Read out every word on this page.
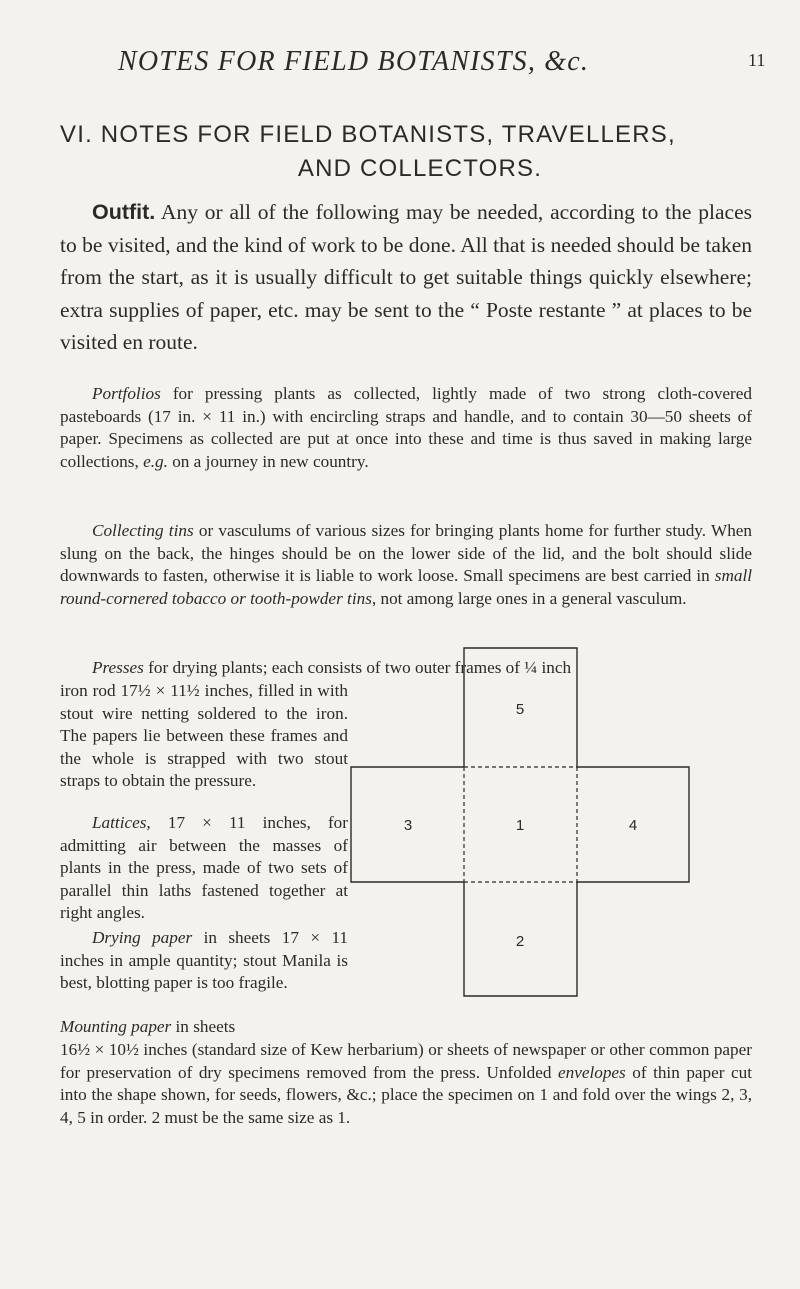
NOTES FOR FIELD BOTANISTS, &c.	11
VI. NOTES FOR FIELD BOTANISTS, TRAVELLERS,
AND COLLECTORS.

Outfit. Any or all of the following may be needed, according to the places to be visited, and the kind of work to be done. All that is needed should be taken from the start, as it is usually difficult to get suitable things quickly elsewhere; extra supplies of paper, etc. may be sent to the “ Poste restante ” at places to be visited en route.

Portfolios for pressing plants as collected, lightly made of two strong cloth-covered pasteboards (17 in. × 11 in.) with encircling straps and handle, and to contain 30—50 sheets of paper. Specimens as collected are put at once into these and time is thus saved in making large collections, e.g. on a journey in new country.

Collecting tins or vasculums of various sizes for bringing plants home for further study. When slung on the back, the hinges should be on the lower side of the lid, and the bolt should slide downwards to fasten, otherwise it is liable to work loose. Small specimens are best carried in small round-cornered tobacco or tooth-powder tins, not among large ones in a general vasculum.

Presses for drying plants; each consists of two outer frames of ¼ inch

iron rod 17½ × 11½ inches, filled in with stout wire netting soldered to the iron. The papers lie between these frames and the whole is strapped with two stout straps to obtain the pressure.

Lattices, 17 × 11 inches, for admitting air between the masses of plants in the press, made of two sets of parallel thin laths fastened together at right angles.

Drying paper in sheets 17 × 11 inches in ample quantity; stout Manila is best, blotting paper is too fragile.

Mounting paper in sheets

16½ × 10½ inches (standard size of Kew herbarium) or sheets of newspaper or other common paper for preservation of dry specimens removed from the press. Unfolded envelopes of thin paper cut into the shape shown, for seeds, flowers, &c.; place the specimen on 1 and fold over the wings 2, 3, 4, 5 in order. 2 must be the same size as 1.

5
3	1	4
2
